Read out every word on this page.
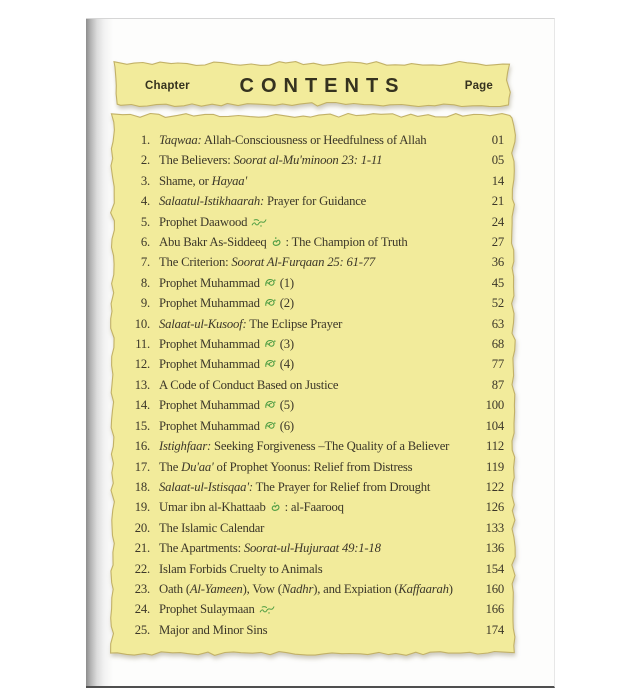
Chapter	CONTENTS	Page
1. Taqwaa: Allah-Consciousness or Heedfulness of Allah	01
2. The Believers: Soorat al-Mu'minoon 23: 1-11	05
3. Shame, or Hayaa'	14
4. Salaatul-Istikhaarah: Prayer for Guidance	21
5. Prophet Daawood	24
6. Abu Bakr As-Siddeeq  : The Champion of Truth	27
7. The Criterion: Soorat Al-Furqaan 25: 61-77	36
8. Prophet Muhammad  (1)	45
9. Prophet Muhammad  (2)	52
10. Salaat-ul-Kusoof: The Eclipse Prayer	63
11. Prophet Muhammad  (3)	68
12. Prophet Muhammad  (4)	77
13. A Code of Conduct Based on Justice	87
14. Prophet Muhammad  (5)	100
15. Prophet Muhammad  (6)	104
16. Istighfaar: Seeking Forgiveness –The Quality of a Believer	112
17. The Du'aa' of Prophet Yoonus: Relief from Distress	119
18. Salaat-ul-Istisqaa': The Prayer for Relief from Drought	122
19. Umar ibn al-Khattaab  : al-Faarooq	126
20. The Islamic Calendar	133
21. The Apartments: Soorat-ul-Hujuraat 49:1-18	136
22. Islam Forbids Cruelty to Animals	154
23. Oath (Al-Yameen), Vow (Nadhr), and Expiation (Kaffaarah)	160
24. Prophet Sulaymaan	166
25. Major and Minor Sins	174
